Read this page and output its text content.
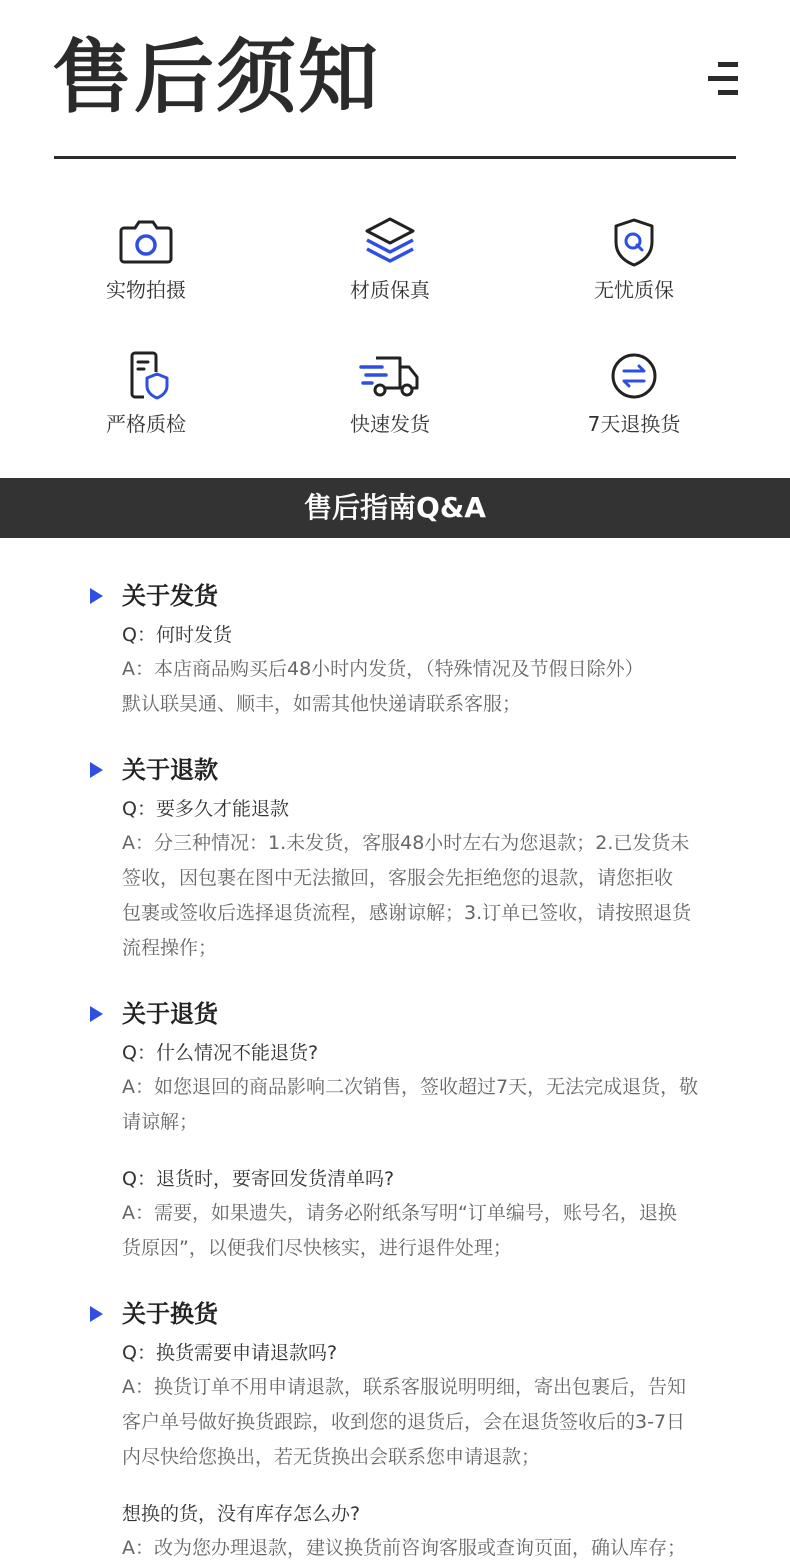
售后须知
实物拍摄	材质保真	无忧质保
严格质检	快速发货	7天退换货
售后指南Q&A
关于发货

Q：何时发货

A：本店商品购买后48小时内发货，（特殊情况及节假日除外）

默认联昊通、顺丰，如需其他快递请联系客服；

关于退款

Q：要多久才能退款

A：分三种情况：1.未发货，客服48小时左右为您退款；2.已发货未

签收，因包裹在图中无法撤回，客服会先拒绝您的退款，请您拒收

包裹或签收后选择退货流程，感谢谅解；3.订单已签收，请按照退货

流程操作；

关于退货

Q：什么情况不能退货?

A：如您退回的商品影响二次销售，签收超过7天，无法完成退货，敬

请谅解；

Q：退货时，要寄回发货清单吗?

A：需要，如果遗失，请务必附纸条写明“订单编号，账号名，退换

货原因”，以便我们尽快核实，进行退件处理；

关于换货

Q：换货需要申请退款吗?

A：换货订单不用申请退款，联系客服说明明细，寄出包裹后，告知

客户单号做好换货跟踪，收到您的退货后，会在退货签收后的3-7日

内尽快给您换出，若无货换出会联系您申请退款；

想换的货，没有库存怎么办?

A：改为您办理退款，建议换货前咨询客服或查询页面，确认库存；
